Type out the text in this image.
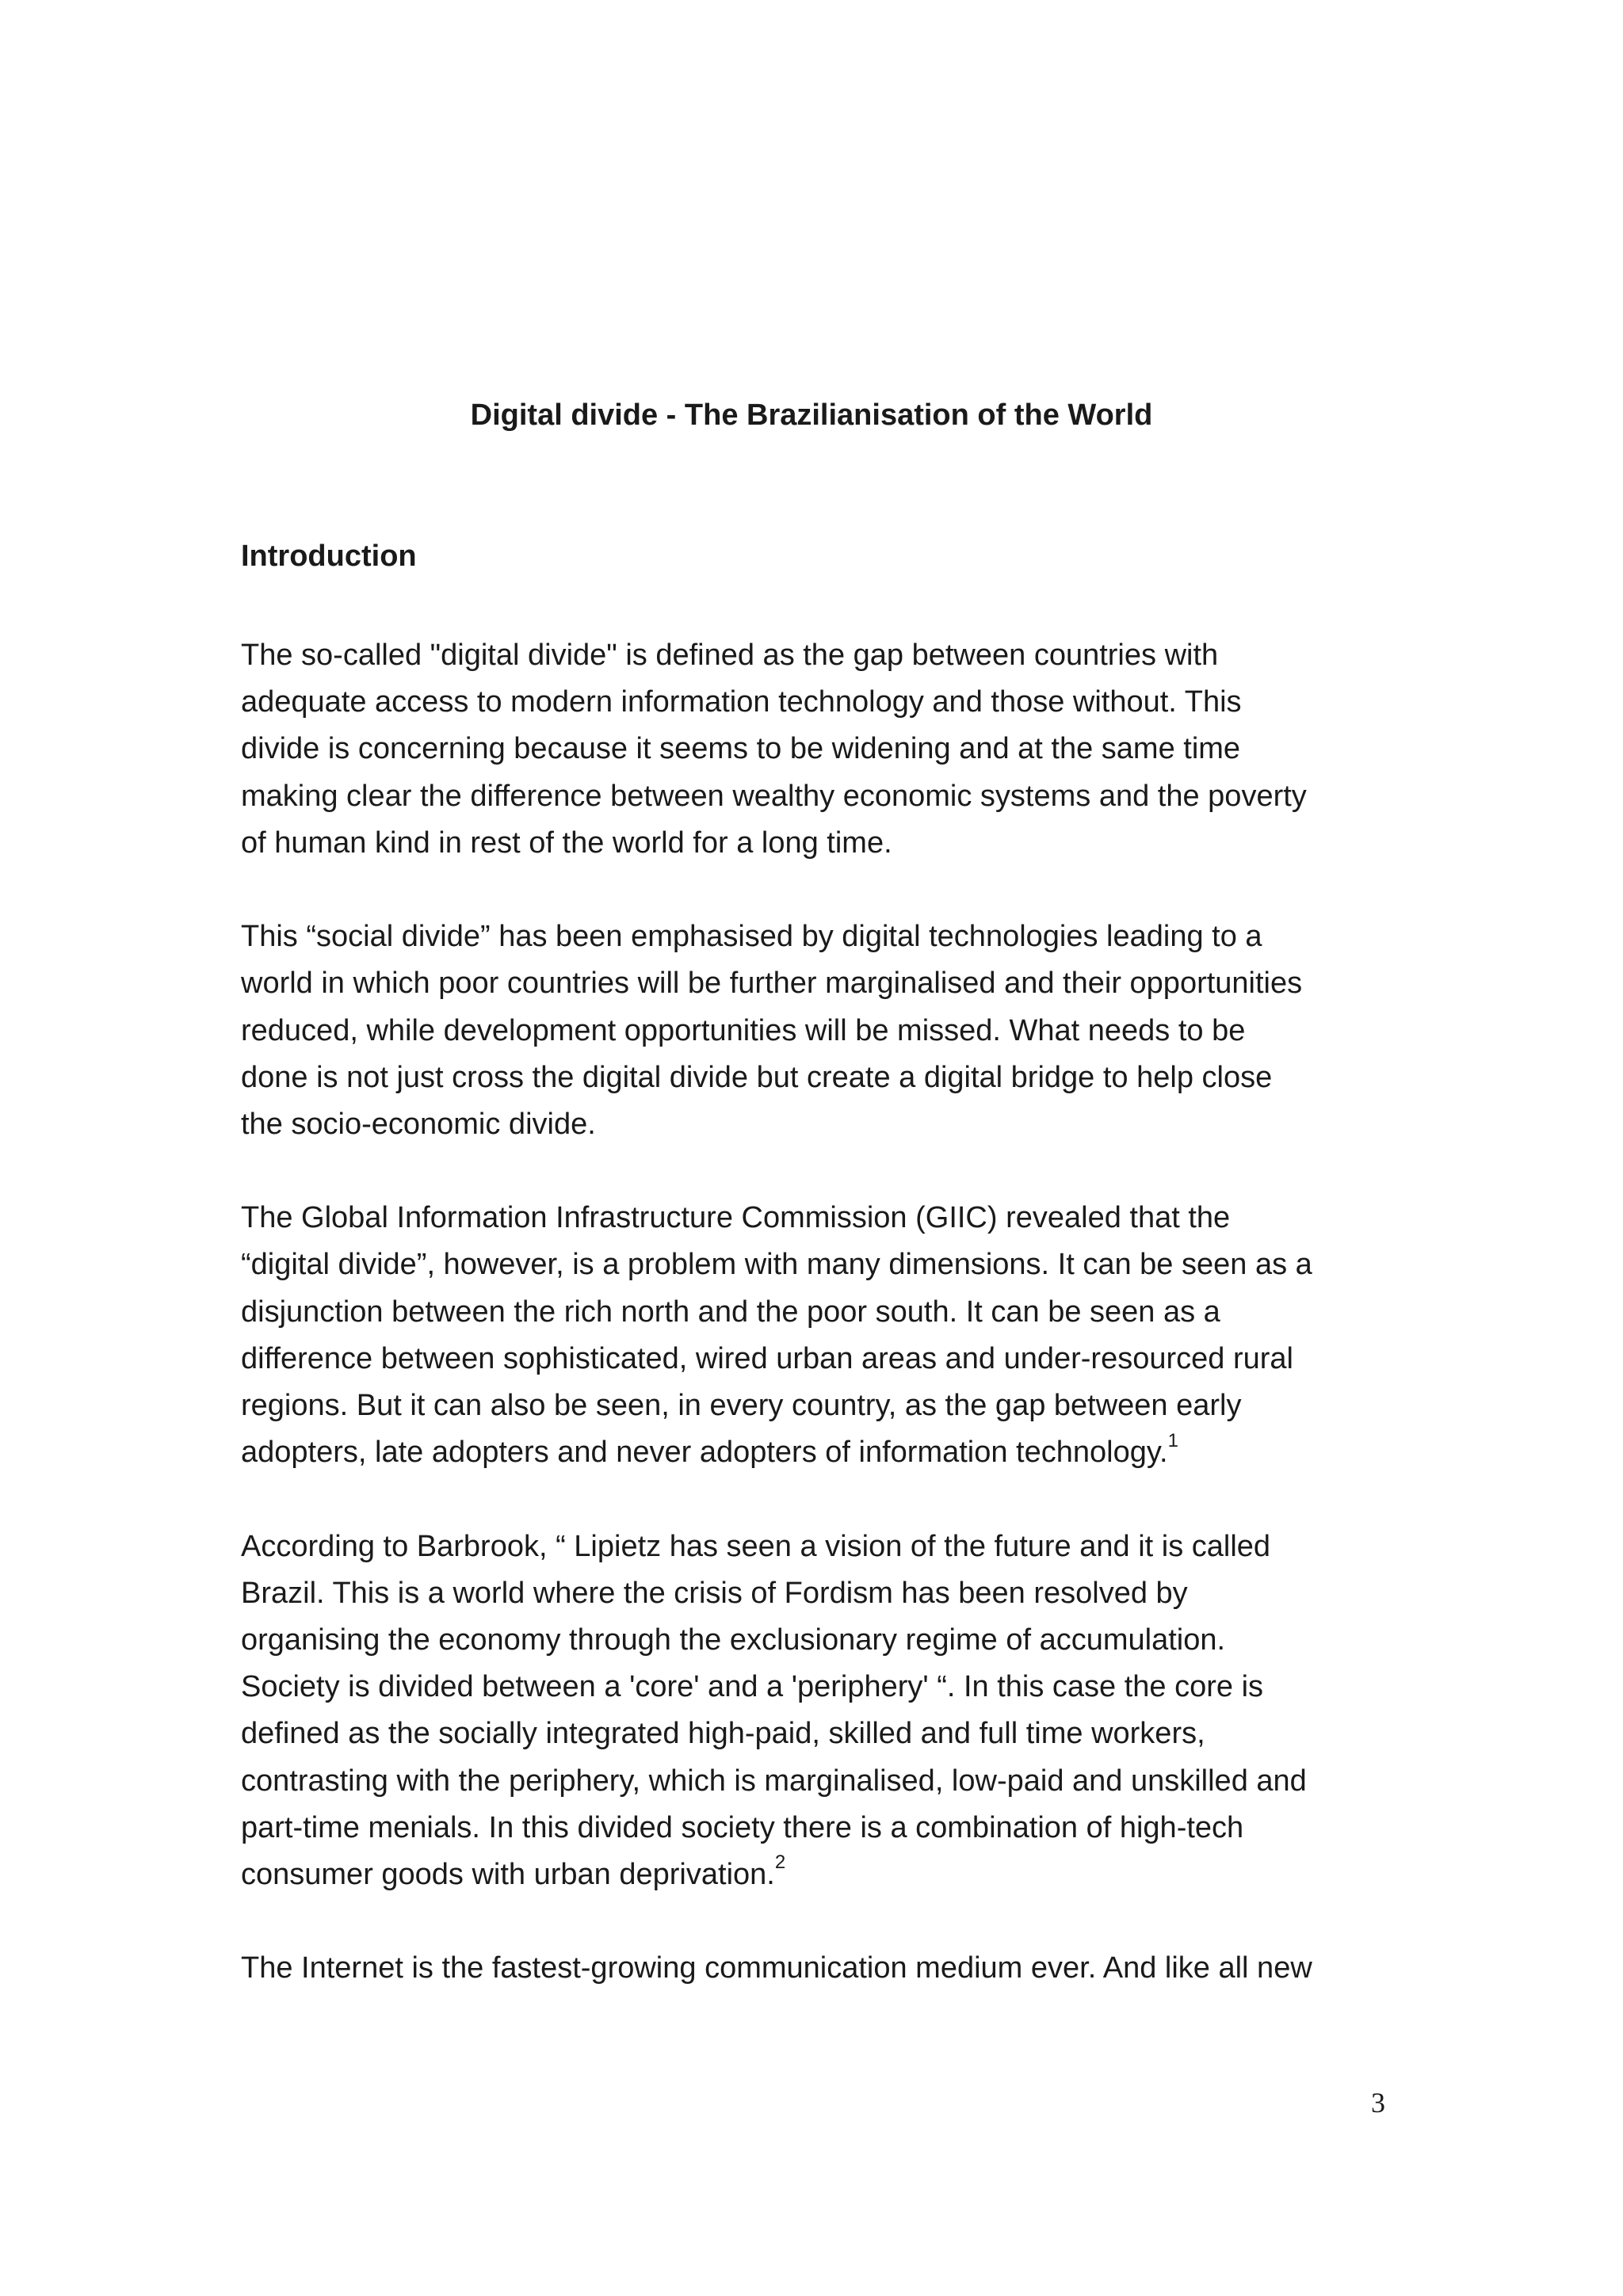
Digital divide - The Brazilianisation of the World
Introduction
The so-called "digital divide" is defined as the gap between countries with
adequate access to modern information technology and those without. This
divide is concerning because it seems to be widening and at the same time
making clear the difference between wealthy economic systems and the poverty
of human kind in rest of the world for a long time.
This “social divide” has been emphasised by digital technologies leading to a
world in which poor countries will be further marginalised and their opportunities
reduced, while development opportunities will be missed. What needs to be
done is not just cross the digital divide but create a digital bridge to help close
the socio-economic divide.
The Global Information Infrastructure Commission (GIIC) revealed that the
“digital divide”, however, is a problem with many dimensions. It can be seen as a
disjunction between the rich north and the poor south. It can be seen as a
difference between sophisticated, wired urban areas and under-resourced rural
regions. But it can also be seen, in every country, as the gap between early
adopters, late adopters and never adopters of information technology.$^1$
According to Barbrook, “ Lipietz has seen a vision of the future and it is called
Brazil. This is a world where the crisis of Fordism has been resolved by
organising the economy through the exclusionary regime of accumulation.
Society is divided between a 'core' and a 'periphery' “. In this case the core is
defined as the socially integrated high-paid, skilled and full time workers,
contrasting with the periphery, which is marginalised, low-paid and unskilled and
part-time menials. In this divided society there is a combination of high-tech
consumer goods with urban deprivation.$^2$
The Internet is the fastest-growing communication medium ever. And like all new
3
